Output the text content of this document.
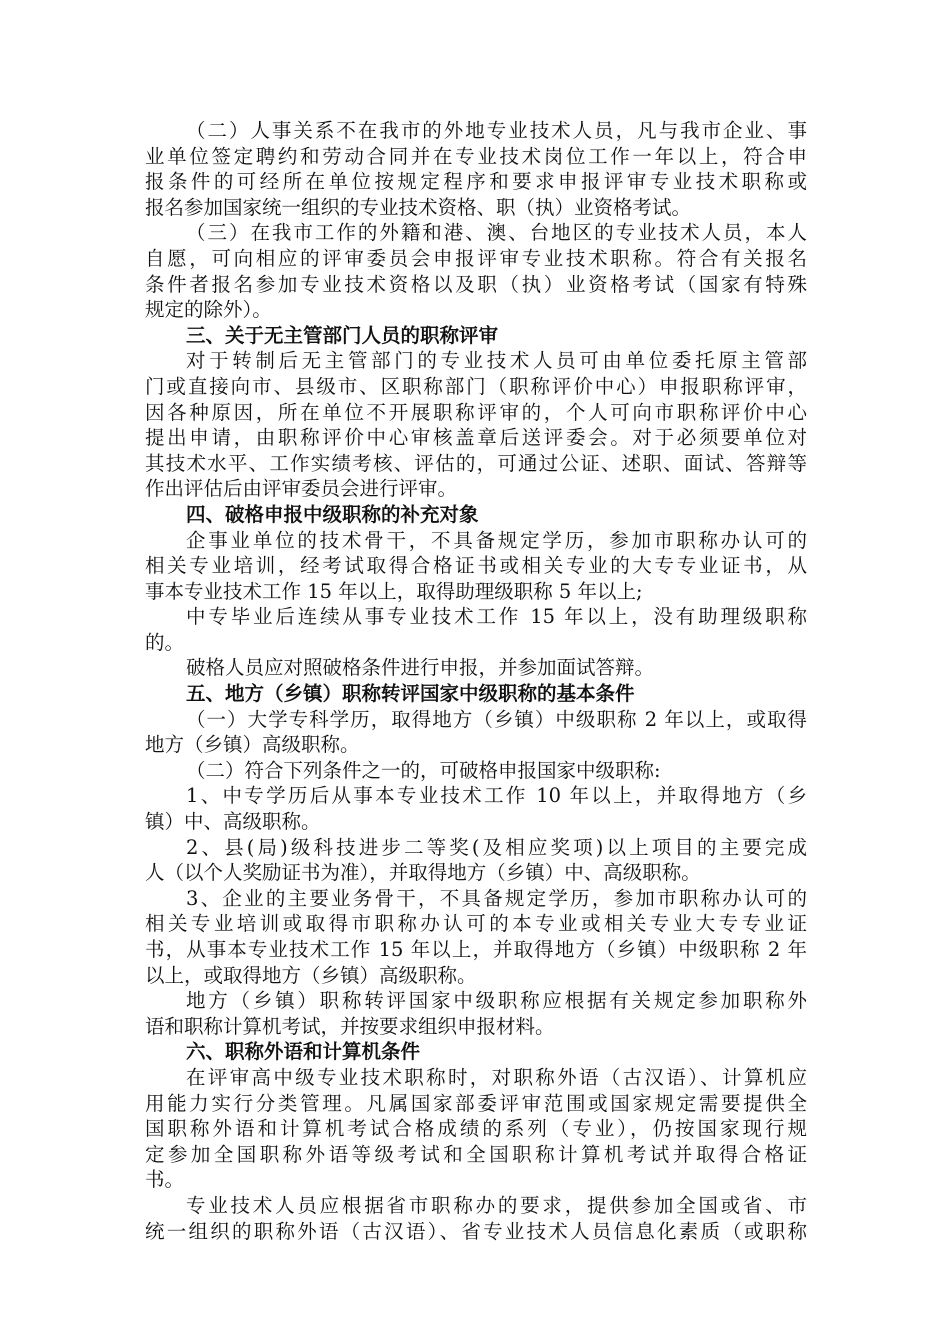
（二）人事关系不在我市的外地专业技术人员，凡与我市企业、事
业单位签定聘约和劳动合同并在专业技术岗位工作一年以上，符合申
报条件的可经所在单位按规定程序和要求申报评审专业技术职称或
报名参加国家统一组织的专业技术资格、职（执）业资格考试。
（三）在我市工作的外籍和港、澳、台地区的专业技术人员，本人
自愿，可向相应的评审委员会申报评审专业技术职称。符合有关报名
条件者报名参加专业技术资格以及职（执）业资格考试（国家有特殊
规定的除外）。
三、关于无主管部门人员的职称评审
对于转制后无主管部门的专业技术人员可由单位委托原主管部
门或直接向市、县级市、区职称部门（职称评价中心）申报职称评审，
因各种原因，所在单位不开展职称评审的，个人可向市职称评价中心
提出申请，由职称评价中心审核盖章后送评委会。对于必须要单位对
其技术水平、工作实绩考核、评估的，可通过公证、述职、面试、答辩等
作出评估后由评审委员会进行评审。
四、破格申报中级职称的补充对象
企事业单位的技术骨干，不具备规定学历，参加市职称办认可的
相关专业培训，经考试取得合格证书或相关专业的大专专业证书，从
事本专业技术工作 15 年以上，取得助理级职称 5 年以上;
中专毕业后连续从事专业技术工作 15 年以上，没有助理级职称
的。
破格人员应对照破格条件进行申报，并参加面试答辩。
五、地方（乡镇）职称转评国家中级职称的基本条件
（一）大学专科学历，取得地方（乡镇）中级职称 2 年以上，或取得
地方（乡镇）高级职称。
（二）符合下列条件之一的，可破格申报国家中级职称:
1、中专学历后从事本专业技术工作 10 年以上，并取得地方（乡
镇）中、高级职称。
2、县(局)级科技进步二等奖(及相应奖项)以上项目的主要完成
人（以个人奖励证书为准），并取得地方（乡镇）中、高级职称。
3、企业的主要业务骨干，不具备规定学历，参加市职称办认可的
相关专业培训或取得市职称办认可的本专业或相关专业大专专业证
书，从事本专业技术工作 15 年以上，并取得地方（乡镇）中级职称 2 年
以上，或取得地方（乡镇）高级职称。
地方（乡镇）职称转评国家中级职称应根据有关规定参加职称外
语和职称计算机考试，并按要求组织申报材料。
六、职称外语和计算机条件
在评审高中级专业技术职称时，对职称外语（古汉语）、计算机应
用能力实行分类管理。凡属国家部委评审范围或国家规定需要提供全
国职称外语和计算机考试合格成绩的系列（专业），仍按国家现行规
定参加全国职称外语等级考试和全国职称计算机考试并取得合格证
书。
专业技术人员应根据省市职称办的要求，提供参加全国或省、市
统一组织的职称外语（古汉语）、省专业技术人员信息化素质（或职称
